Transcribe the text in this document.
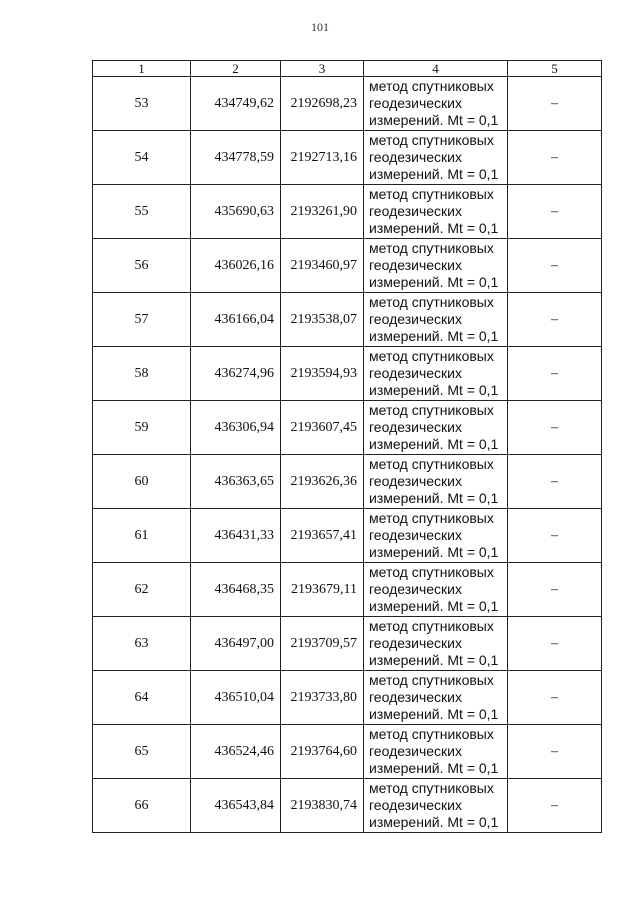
101
1	2	3	4	5
53	434749,62	2192698,23	метод спутниковых геодезических измерений. Mt = 0,1	–
54	434778,59	2192713,16	метод спутниковых геодезических измерений. Mt = 0,1	–
55	435690,63	2193261,90	метод спутниковых геодезических измерений. Mt = 0,1	–
56	436026,16	2193460,97	метод спутниковых геодезических измерений. Mt = 0,1	–
57	436166,04	2193538,07	метод спутниковых геодезических измерений. Mt = 0,1	–
58	436274,96	2193594,93	метод спутниковых геодезических измерений. Mt = 0,1	–
59	436306,94	2193607,45	метод спутниковых геодезических измерений. Mt = 0,1	–
60	436363,65	2193626,36	метод спутниковых геодезических измерений. Mt = 0,1	–
61	436431,33	2193657,41	метод спутниковых геодезических измерений. Mt = 0,1	–
62	436468,35	2193679,11	метод спутниковых геодезических измерений. Mt = 0,1	–
63	436497,00	2193709,57	метод спутниковых геодезических измерений. Mt = 0,1	–
64	436510,04	2193733,80	метод спутниковых геодезических измерений. Mt = 0,1	–
65	436524,46	2193764,60	метод спутниковых геодезических измерений. Mt = 0,1	–
66	436543,84	2193830,74	метод спутниковых геодезических измерений. Mt = 0,1	–
